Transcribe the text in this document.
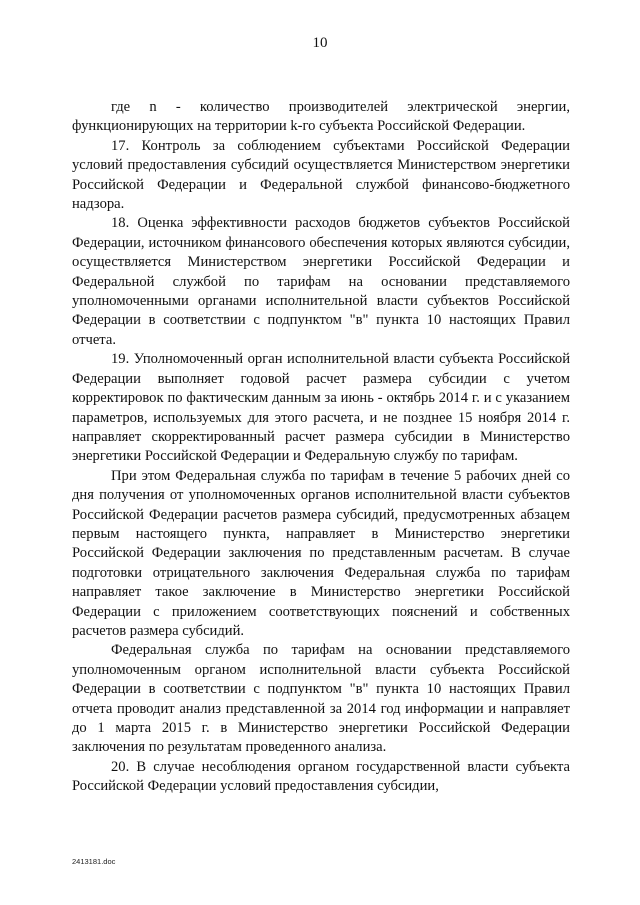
10

где n - количество производителей электрической энергии, функционирующих на территории k-го субъекта Российской Федерации.

17. Контроль за соблюдением субъектами Российской Федерации условий предоставления субсидий осуществляется Министерством энергетики Российской Федерации и Федеральной службой финансово-бюджетного надзора.

18. Оценка эффективности расходов бюджетов субъектов Российской Федерации, источником финансового обеспечения которых являются субсидии, осуществляется Министерством энергетики Российской Федерации и Федеральной службой по тарифам на основании представляемого уполномоченными органами исполнительной власти субъектов Российской Федерации в соответствии с подпунктом "в" пункта 10 настоящих Правил отчета.

19. Уполномоченный орган исполнительной власти субъекта Российской Федерации выполняет годовой расчет размера субсидии с учетом корректировок по фактическим данным за июнь - октябрь 2014 г. и с указанием параметров, используемых для этого расчета, и не позднее 15 ноября 2014 г. направляет скорректированный расчет размера субсидии в Министерство энергетики Российской Федерации и Федеральную службу по тарифам.

При этом Федеральная служба по тарифам в течение 5 рабочих дней со дня получения от уполномоченных органов исполнительной власти субъектов Российской Федерации расчетов размера субсидий, предусмотренных абзацем первым настоящего пункта, направляет в Министерство энергетики Российской Федерации заключения по представленным расчетам. В случае подготовки отрицательного заключения Федеральная служба по тарифам направляет такое заключение в Министерство энергетики Российской Федерации с приложением соответствующих пояснений и собственных расчетов размера субсидий.

Федеральная служба по тарифам на основании представляемого уполномоченным органом исполнительной власти субъекта Российской Федерации в соответствии с подпунктом "в" пункта 10 настоящих Правил отчета проводит анализ представленной за 2014 год информации и направляет до 1 марта 2015 г. в Министерство энергетики Российской Федерации заключения по результатам проведенного анализа.

20. В случае несоблюдения органом государственной власти субъекта Российской Федерации условий предоставления субсидии,

2413181.doc
